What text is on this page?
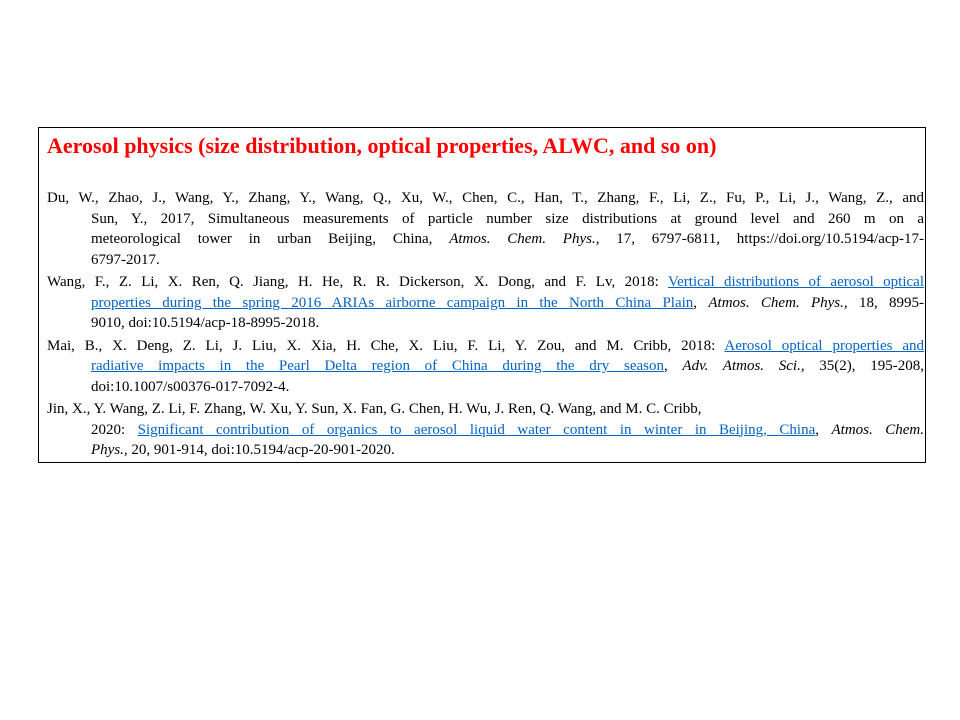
Aerosol physics (size distribution, optical properties, ALWC, and so on)
Du, W., Zhao, J., Wang, Y., Zhang, Y., Wang, Q., Xu, W., Chen, C., Han, T., Zhang, F., Li, Z., Fu, P., Li, J., Wang, Z., and
Sun, Y., 2017, Simultaneous measurements of particle number size distributions at ground level and 260 m on a
meteorological tower in urban Beijing, China, Atmos. Chem. Phys., 17, 6797-6811, https://doi.org/10.5194/acp-17-
6797-2017.
Wang, F., Z. Li, X. Ren, Q. Jiang, H. He, R. R. Dickerson, X. Dong, and F. Lv, 2018: Vertical distributions of aerosol optical
properties during the spring 2016 ARIAs airborne campaign in the North China Plain, Atmos. Chem. Phys., 18, 8995-
9010, doi:10.5194/acp-18-8995-2018.
Mai, B., X. Deng, Z. Li, J. Liu, X. Xia, H. Che, X. Liu, F. Li, Y. Zou, and M. Cribb, 2018: Aerosol optical properties and
radiative impacts in the Pearl Delta region of China during the dry season, Adv. Atmos. Sci., 35(2), 195-208,
doi:10.1007/s00376-017-7092-4.
Jin, X., Y. Wang, Z. Li, F. Zhang, W. Xu, Y. Sun, X. Fan, G. Chen, H. Wu, J. Ren, Q. Wang, and M. C. Cribb,
2020: Significant contribution of organics to aerosol liquid water content in winter in Beijing, China, Atmos. Chem.
Phys., 20, 901-914, doi:10.5194/acp-20-901-2020.
